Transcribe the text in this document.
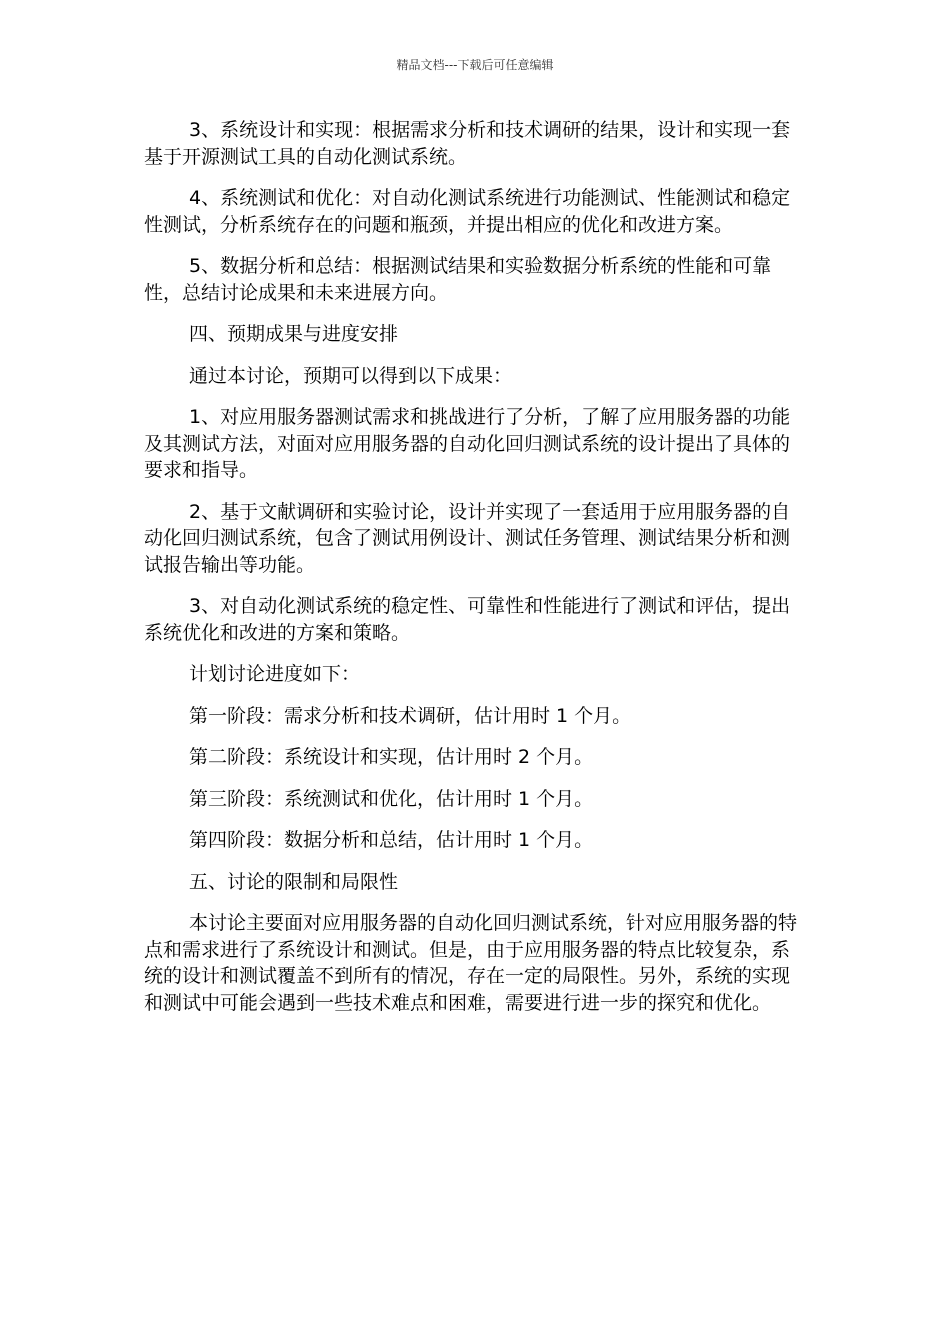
精品文档---下载后可任意编辑

3、系统设计和实现：根据需求分析和技术调研的结果，设计和实现一套基于开源测试工具的自动化测试系统。

4、系统测试和优化：对自动化测试系统进行功能测试、性能测试和稳定性测试，分析系统存在的问题和瓶颈，并提出相应的优化和改进方案。

5、数据分析和总结：根据测试结果和实验数据分析系统的性能和可靠性，总结讨论成果和未来进展方向。

四、预期成果与进度安排

通过本讨论，预期可以得到以下成果：

1、对应用服务器测试需求和挑战进行了分析，了解了应用服务器的功能及其测试方法，对面对应用服务器的自动化回归测试系统的设计提出了具体的要求和指导。

2、基于文献调研和实验讨论，设计并实现了一套适用于应用服务器的自动化回归测试系统，包含了测试用例设计、测试任务管理、测试结果分析和测试报告输出等功能。

3、对自动化测试系统的稳定性、可靠性和性能进行了测试和评估，提出系统优化和改进的方案和策略。

计划讨论进度如下：

第一阶段：需求分析和技术调研，估计用时 1 个月。

第二阶段：系统设计和实现，估计用时 2 个月。

第三阶段：系统测试和优化，估计用时 1 个月。

第四阶段：数据分析和总结，估计用时 1 个月。

五、讨论的限制和局限性

本讨论主要面对应用服务器的自动化回归测试系统，针对应用服务器的特点和需求进行了系统设计和测试。但是，由于应用服务器的特点比较复杂，系统的设计和测试覆盖不到所有的情况，存在一定的局限性。另外，系统的实现和测试中可能会遇到一些技术难点和困难，需要进行进一步的探究和优化。
